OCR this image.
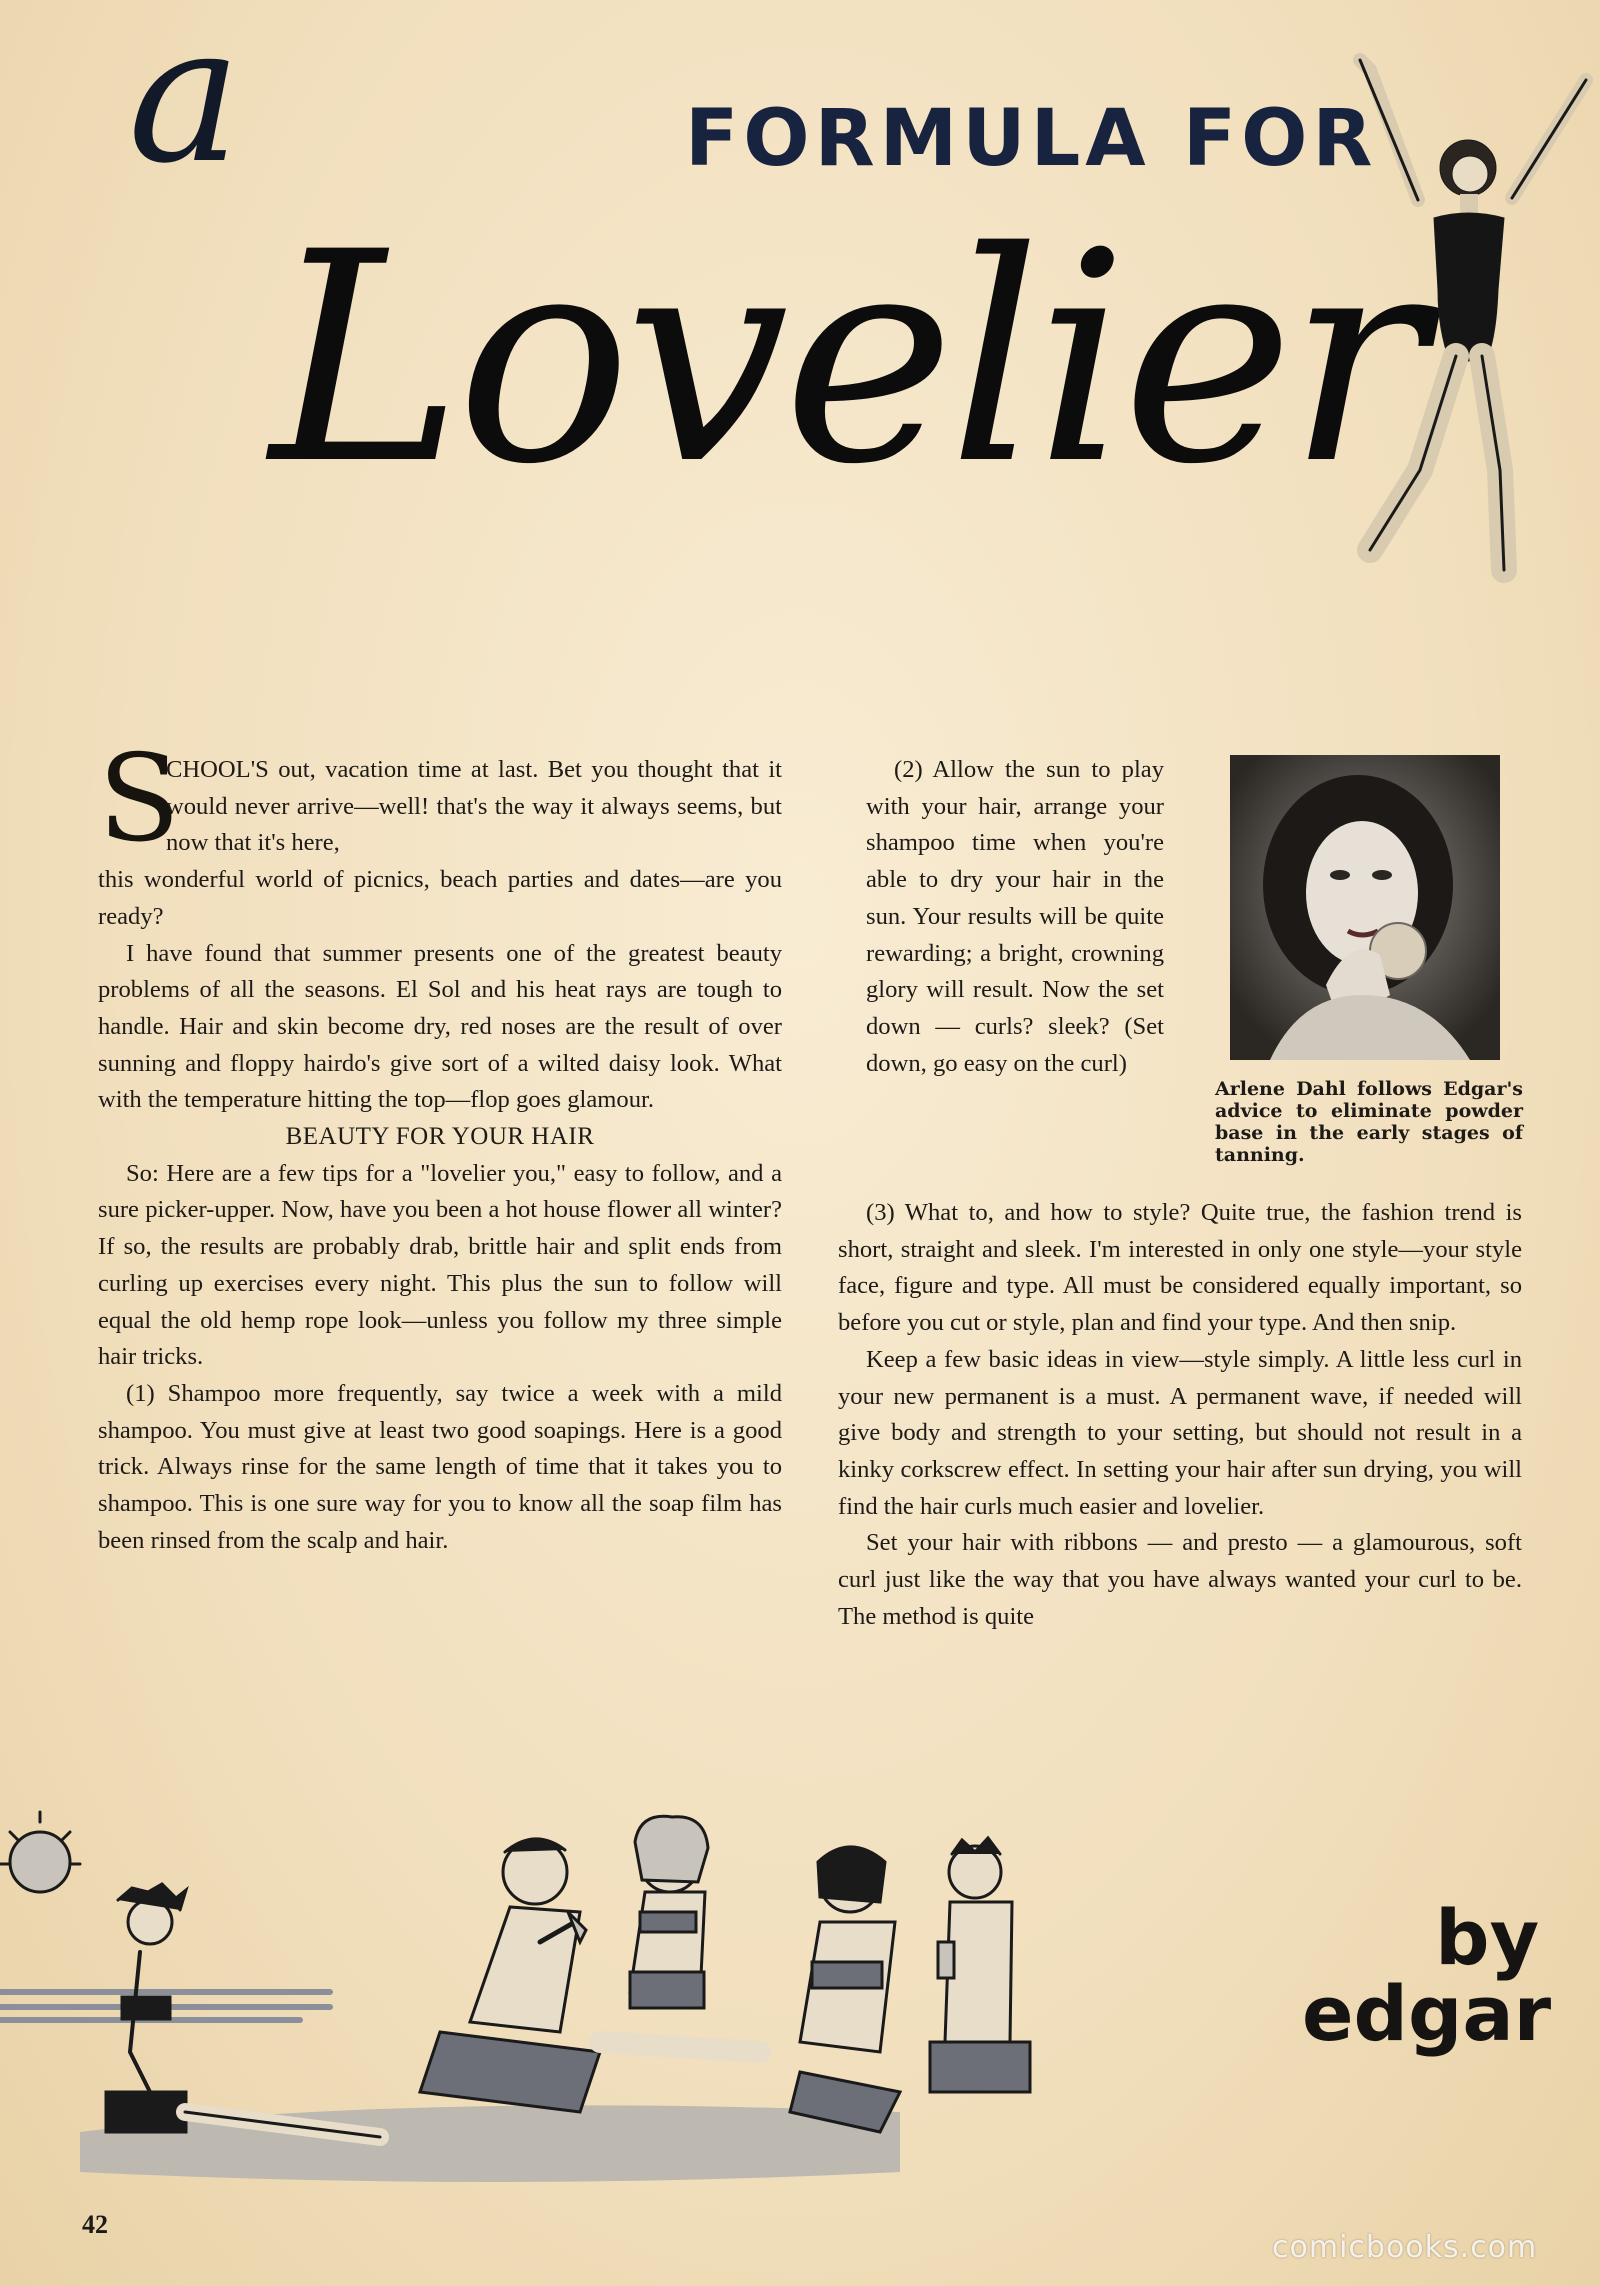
a	FORMULA FOR
Lovelier
S
CHOOL'S out, vacation time at last. Bet you thought that it would never arrive—well! that's the way it always seems, but now that it's here,

this wonderful world of picnics, beach parties and dates—are you ready?

I have found that summer presents one of the greatest beauty problems of all the seasons. El Sol and his heat rays are tough to handle. Hair and skin become dry, red noses are the result of over sunning and floppy hairdo's give sort of a wilted daisy look. What with the temperature hitting the top—flop goes glamour.

BEAUTY FOR YOUR HAIR

So: Here are a few tips for a "lovelier you," easy to follow, and a sure picker-upper. Now, have you been a hot house flower all winter? If so, the results are probably drab, brittle hair and split ends from curling up exercises every night. This plus the sun to follow will equal the old hemp rope look—unless you follow my three simple hair tricks.

(1) Shampoo more frequently, say twice a week with a mild shampoo. You must give at least two good soapings. Here is a good trick. Always rinse for the same length of time that it takes you to shampoo. This is one sure way for you to know all the soap film has been rinsed from the scalp and hair.

(2) Allow the sun to play with your hair, arrange your shampoo time when you're able to dry your hair in the sun. Your results will be quite rewarding; a bright, crowning glory will result. Now the set down — curls? sleek? (Set down, go easy on the curl)

Arlene Dahl follows Edgar's advice to eliminate powder base in the early stages of tanning.

(3) What to, and how to style? Quite true, the fashion trend is short, straight and sleek. I'm interested in only one style—your style face, figure and type. All must be considered equally important, so before you cut or style, plan and find your type. And then snip.

Keep a few basic ideas in view—style simply. A little less curl in your new permanent is a must. A permanent wave, if needed will give body and strength to your setting, but should not result in a kinky corkscrew effect. In setting your hair after sun drying, you will find the hair curls much easier and lovelier.

Set your hair with ribbons — and presto — a glamourous, soft curl just like the way that you have always wanted your curl to be. The method is quite

by
edgar
42
comicbooks.com
